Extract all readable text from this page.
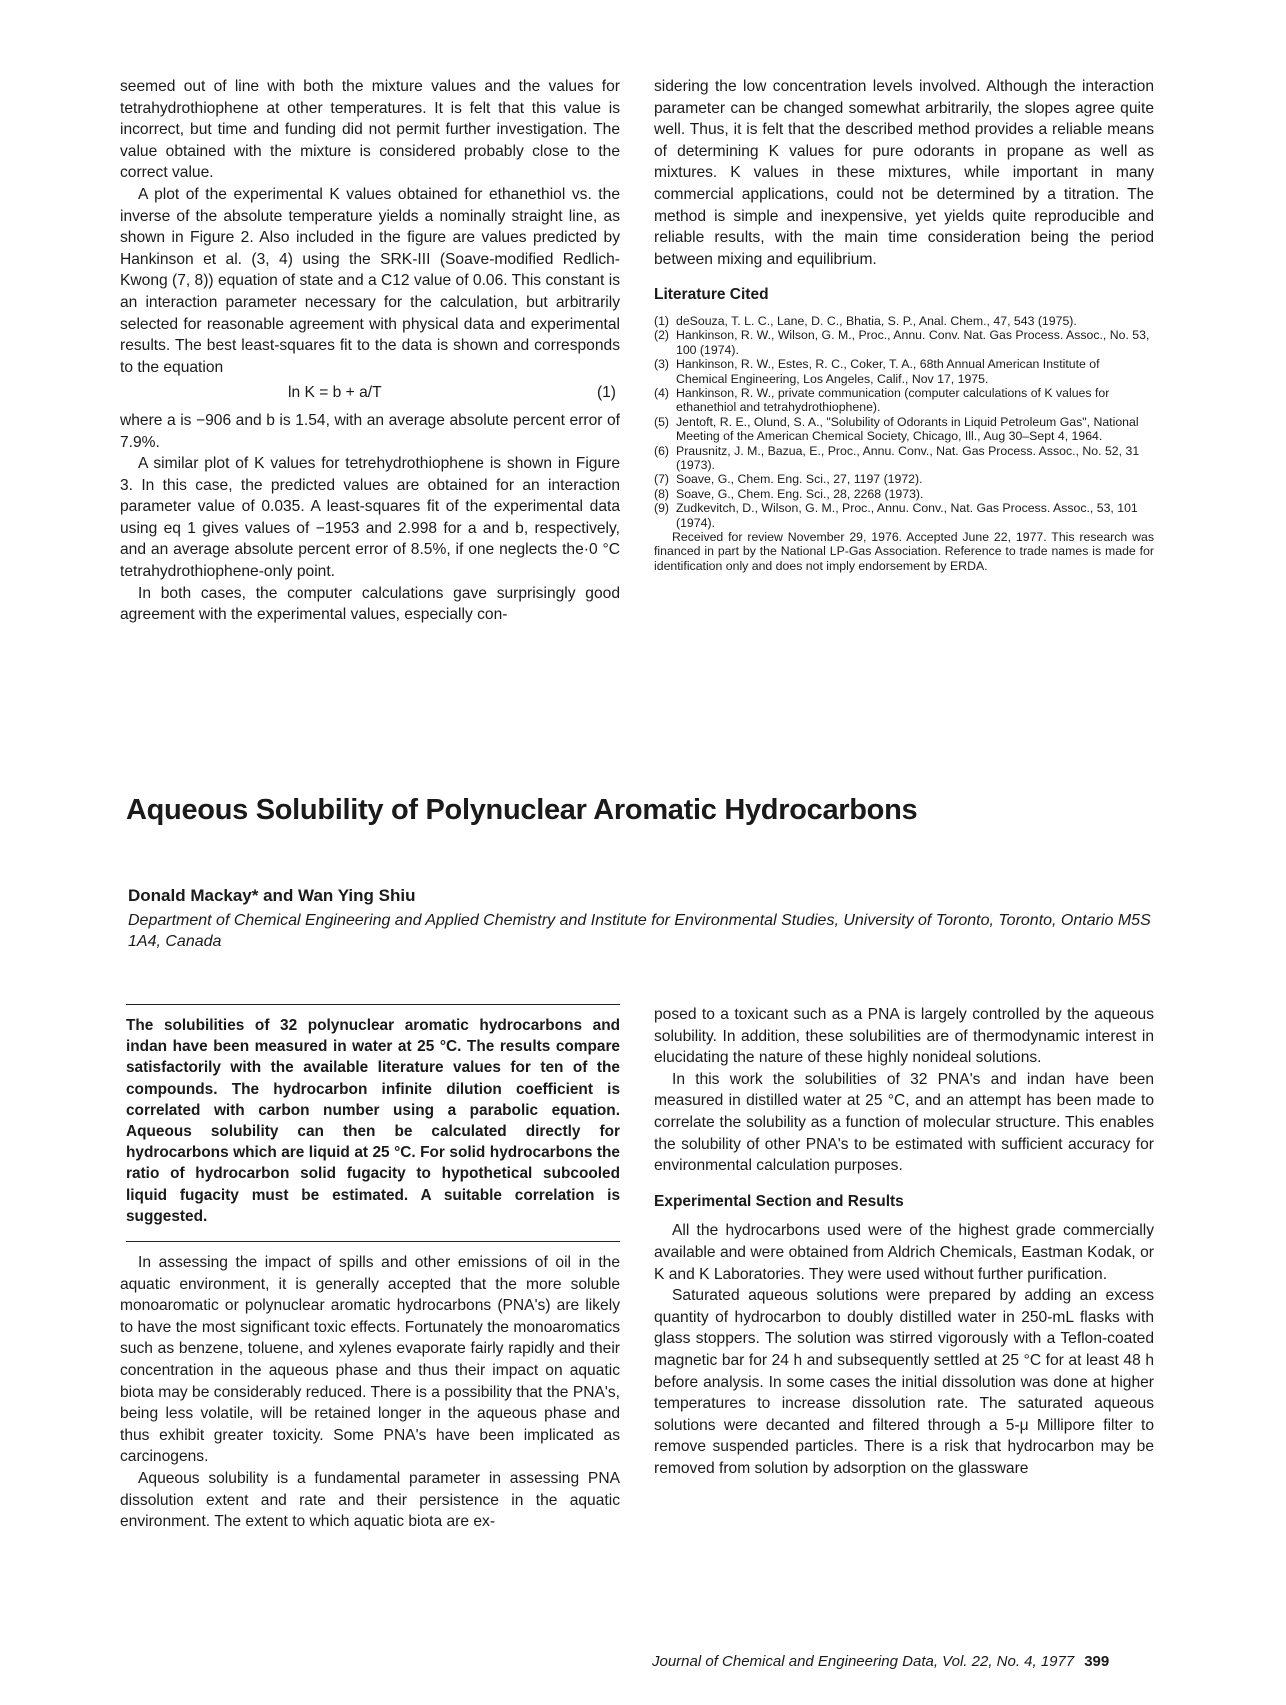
seemed out of line with both the mixture values and the values for tetrahydrothiophene at other temperatures. It is felt that this value is incorrect, but time and funding did not permit further investigation. The value obtained with the mixture is considered probably close to the correct value.

A plot of the experimental K values obtained for ethanethiol vs. the inverse of the absolute temperature yields a nominally straight line, as shown in Figure 2. Also included in the figure are values predicted by Hankinson et al. (3, 4) using the SRK-III (Soave-modified Redlich-Kwong (7, 8)) equation of state and a C12 value of 0.06. This constant is an interaction parameter necessary for the calculation, but arbitrarily selected for reasonable agreement with physical data and experimental results. The best least-squares fit to the data is shown and corresponds to the equation

ln K = b + a/T	(1)

where a is −906 and b is 1.54, with an average absolute percent error of 7.9%.

A similar plot of K values for tetrehydrothiophene is shown in Figure 3. In this case, the predicted values are obtained for an interaction parameter value of 0.035. A least-squares fit of the experimental data using eq 1 gives values of −1953 and 2.998 for a and b, respectively, and an average absolute percent error of 8.5%, if one neglects the·0 °C tetrahydrothiophene-only point.

In both cases, the computer calculations gave surprisingly good agreement with the experimental values, especially con-

sidering the low concentration levels involved. Although the interaction parameter can be changed somewhat arbitrarily, the slopes agree quite well. Thus, it is felt that the described method provides a reliable means of determining K values for pure odorants in propane as well as mixtures. K values in these mixtures, while important in many commercial applications, could not be determined by a titration. The method is simple and inexpensive, yet yields quite reproducible and reliable results, with the main time consideration being the period between mixing and equilibrium.

Literature Cited
(1) deSouza, T. L. C., Lane, D. C., Bhatia, S. P., Anal. Chem., 47, 543 (1975).
(2) Hankinson, R. W., Wilson, G. M., Proc., Annu. Conv. Nat. Gas Process. Assoc., No. 53, 100 (1974).
(3) Hankinson, R. W., Estes, R. C., Coker, T. A., 68th Annual American Institute of Chemical Engineering, Los Angeles, Calif., Nov 17, 1975.
(4) Hankinson, R. W., private communication (computer calculations of K values for ethanethiol and tetrahydrothiophene).
(5) Jentoft, R. E., Olund, S. A., "Solubility of Odorants in Liquid Petroleum Gas", National Meeting of the American Chemical Society, Chicago, Ill., Aug 30–Sept 4, 1964.
(6) Prausnitz, J. M., Bazua, E., Proc., Annu. Conv., Nat. Gas Process. Assoc., No. 52, 31 (1973).
(7) Soave, G., Chem. Eng. Sci., 27, 1197 (1972).
(8) Soave, G., Chem. Eng. Sci., 28, 2268 (1973).
(9) Zudkevitch, D., Wilson, G. M., Proc., Annu. Conv., Nat. Gas Process. Assoc., 53, 101 (1974).

Received for review November 29, 1976. Accepted June 22, 1977. This research was financed in part by the National LP-Gas Association. Reference to trade names is made for identification only and does not imply endorsement by ERDA.

Aqueous Solubility of Polynuclear Aromatic Hydrocarbons

Donald Mackay* and Wan Ying Shiu

Department of Chemical Engineering and Applied Chemistry and Institute for Environmental Studies, University of Toronto, Toronto, Ontario M5S 1A4, Canada

The solubilities of 32 polynuclear aromatic hydrocarbons and indan have been measured in water at 25 °C. The results compare satisfactorily with the available literature values for ten of the compounds. The hydrocarbon infinite dilution coefficient is correlated with carbon number using a parabolic equation. Aqueous solubility can then be calculated directly for hydrocarbons which are liquid at 25 °C. For solid hydrocarbons the ratio of hydrocarbon solid fugacity to hypothetical subcooled liquid fugacity must be estimated. A suitable correlation is suggested.

In assessing the impact of spills and other emissions of oil in the aquatic environment, it is generally accepted that the more soluble monoaromatic or polynuclear aromatic hydrocarbons (PNA's) are likely to have the most significant toxic effects. Fortunately the monoaromatics such as benzene, toluene, and xylenes evaporate fairly rapidly and their concentration in the aqueous phase and thus their impact on aquatic biota may be considerably reduced. There is a possibility that the PNA's, being less volatile, will be retained longer in the aqueous phase and thus exhibit greater toxicity. Some PNA's have been implicated as carcinogens.

Aqueous solubility is a fundamental parameter in assessing PNA dissolution extent and rate and their persistence in the aquatic environment. The extent to which aquatic biota are ex-

posed to a toxicant such as a PNA is largely controlled by the aqueous solubility. In addition, these solubilities are of thermodynamic interest in elucidating the nature of these highly nonideal solutions.

In this work the solubilities of 32 PNA's and indan have been measured in distilled water at 25 °C, and an attempt has been made to correlate the solubility as a function of molecular structure. This enables the solubility of other PNA's to be estimated with sufficient accuracy for environmental calculation purposes.

Experimental Section and Results

All the hydrocarbons used were of the highest grade commercially available and were obtained from Aldrich Chemicals, Eastman Kodak, or K and K Laboratories. They were used without further purification.

Saturated aqueous solutions were prepared by adding an excess quantity of hydrocarbon to doubly distilled water in 250-mL flasks with glass stoppers. The solution was stirred vigorously with a Teflon-coated magnetic bar for 24 h and subsequently settled at 25 °C for at least 48 h before analysis. In some cases the initial dissolution was done at higher temperatures to increase dissolution rate. The saturated aqueous solutions were decanted and filtered through a 5-μ Millipore filter to remove suspended particles. There is a risk that hydrocarbon may be removed from solution by adsorption on the glassware

Journal of Chemical and Engineering Data, Vol. 22, No. 4, 1977 399
